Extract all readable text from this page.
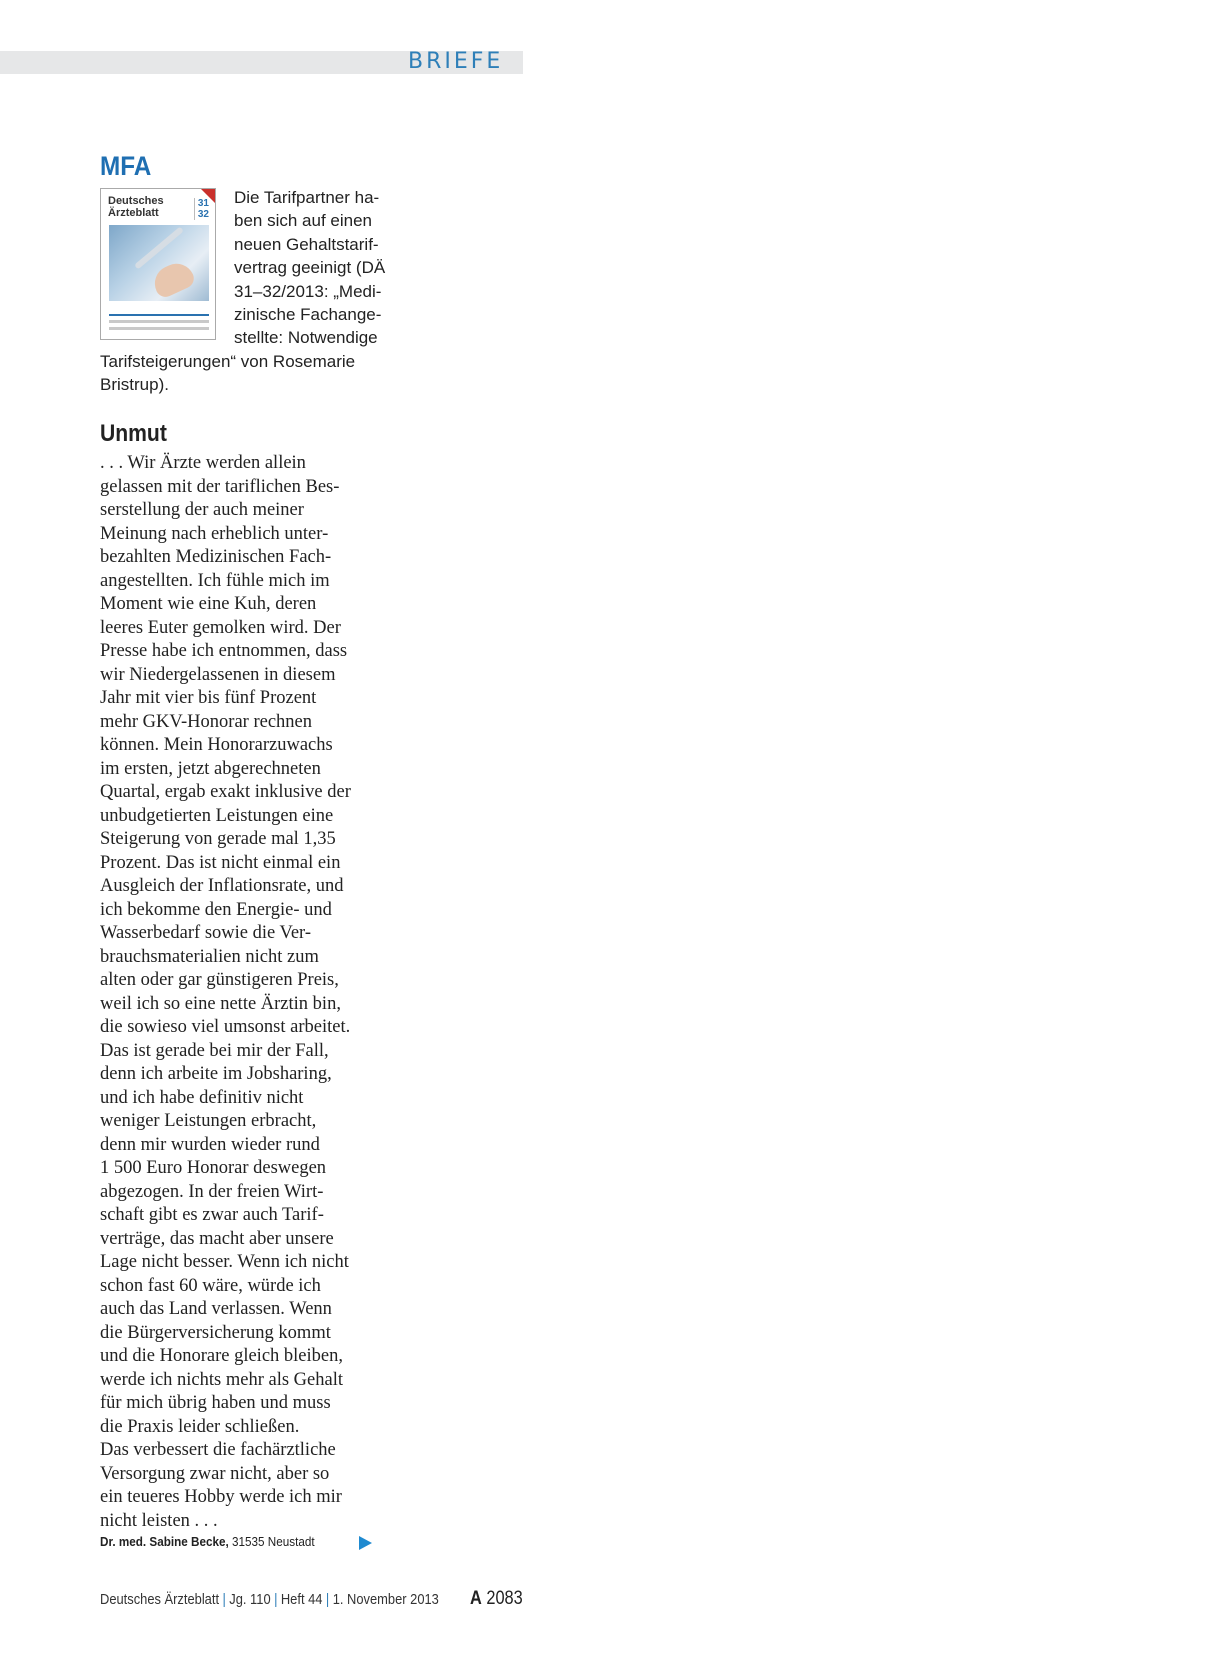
BRIEFE
MFA
Deutsches
Ärzteblatt
31
32
Die Tarifpartner ha-
ben sich auf einen
neuen Gehaltstarif-
vertrag geeinigt (DÄ
31–32/2013: „Medi-
zinische Fachange-
stellte: Notwendige
Tarifsteigerungen“ von Rosemarie
Bristrup).
Unmut
. . . Wir Ärzte werden allein
gelassen mit der tariflichen Bes-
serstellung der auch meiner
Meinung nach erheblich unter-
bezahlten Medizinischen Fach-
angestellten. Ich fühle mich im
Moment wie eine Kuh, deren
leeres Euter gemolken wird. Der
Presse habe ich entnommen, dass
wir Niedergelassenen in diesem
Jahr mit vier bis fünf Prozent
mehr GKV-Honorar rechnen
können. Mein Honorarzuwachs
im ersten, jetzt abgerechneten
Quartal, ergab exakt inklusive der
unbudgetierten Leistungen eine
Steigerung von gerade mal 1,35
Prozent. Das ist nicht einmal ein
Ausgleich der Inflationsrate, und
ich bekomme den Energie- und
Wasserbedarf sowie die Ver-
brauchsmaterialien nicht zum
alten oder gar günstigeren Preis,
weil ich so eine nette Ärztin bin,
die sowieso viel umsonst arbeitet.
Das ist gerade bei mir der Fall,
denn ich arbeite im Jobsharing,
und ich habe definitiv nicht
weniger Leistungen erbracht,
denn mir wurden wieder rund
1 500 Euro Honorar deswegen
abgezogen. In der freien Wirt-
schaft gibt es zwar auch Tarif-
verträge, das macht aber unsere
Lage nicht besser. Wenn ich nicht
schon fast 60 wäre, würde ich
auch das Land verlassen. Wenn
die Bürgerversicherung kommt
und die Honorare gleich bleiben,
werde ich nichts mehr als Gehalt
für mich übrig haben und muss
die Praxis leider schließen.
Das verbessert die fachärztliche
Versorgung zwar nicht, aber so
ein teueres Hobby werde ich mir
nicht leisten . . .
Dr. med. Sabine Becke, 31535 Neustadt
Deutsches Ärzteblatt | Jg. 110 | Heft 44 | 1. November 2013	A 2083
